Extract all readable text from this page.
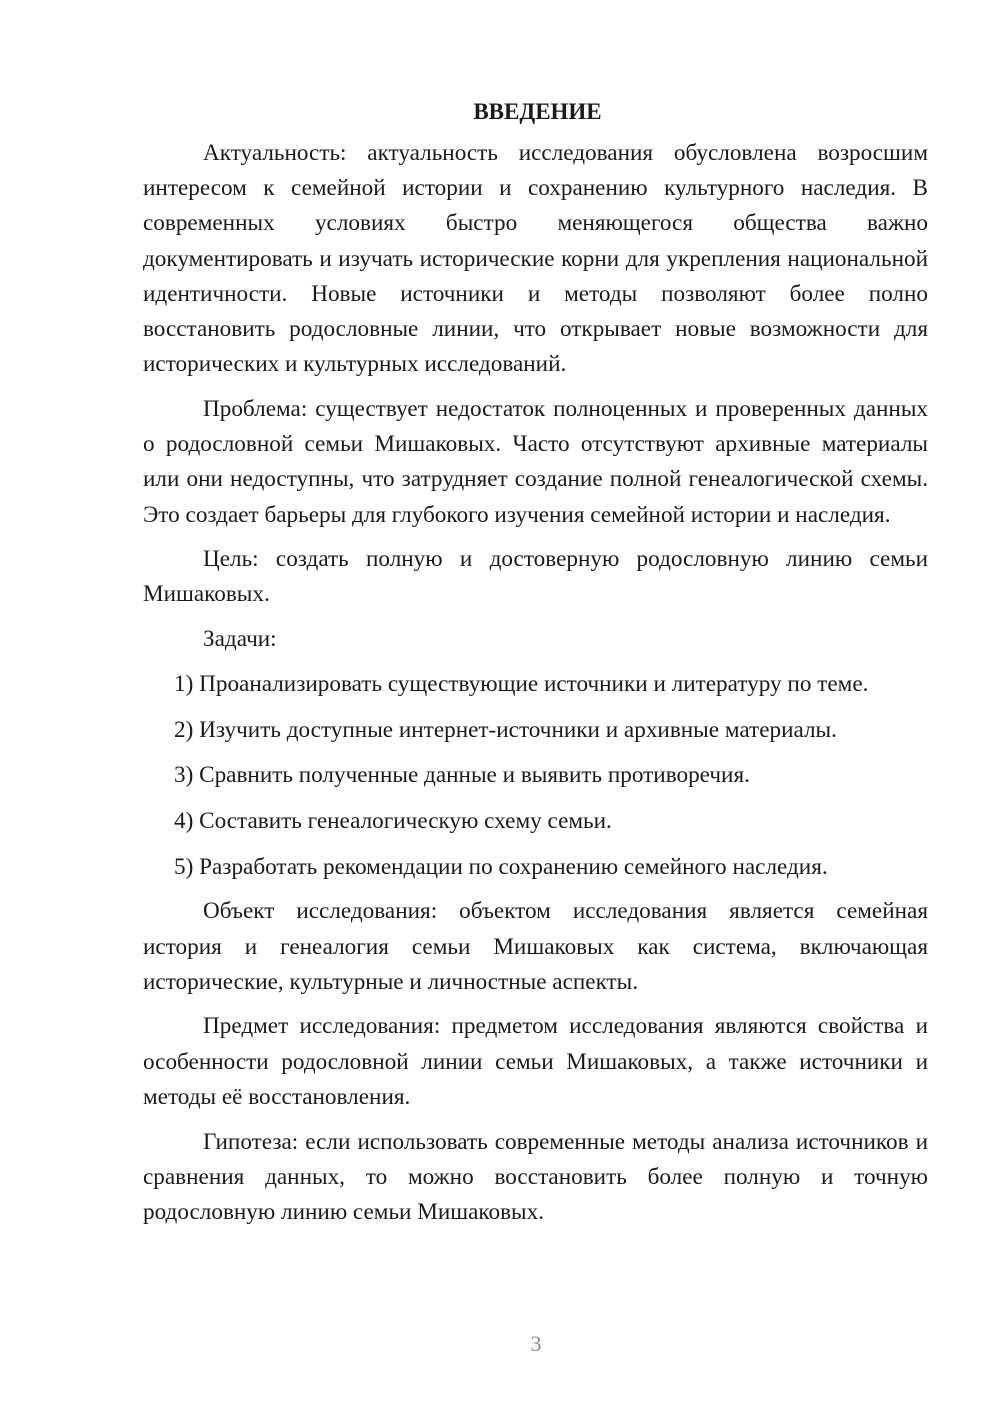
ВВЕДЕНИЕ

Актуальность: актуальность исследования обусловлена возросшим интересом к семейной истории и сохранению культурного наследия. В современных условиях быстро меняющегося общества важно документировать и изучать исторические корни для укрепления национальной идентичности. Новые источники и методы позволяют более полно восстановить родословные линии, что открывает новые возможности для исторических и культурных исследований.

Проблема: существует недостаток полноценных и проверенных данных о родословной семьи Мишаковых. Часто отсутствуют архивные материалы или они недоступны, что затрудняет создание полной генеалогической схемы. Это создает барьеры для глубокого изучения семейной истории и наследия.

Цель: создать полную и достоверную родословную линию семьи Мишаковых.

Задачи:

1) Проанализировать существующие источники и литературу по теме.
2) Изучить доступные интернет-источники и архивные материалы.
3) Сравнить полученные данные и выявить противоречия.
4) Составить генеалогическую схему семьи.
5) Разработать рекомендации по сохранению семейного наследия.

Объект исследования: объектом исследования является семейная история и генеалогия семьи Мишаковых как система, включающая исторические, культурные и личностные аспекты.

Предмет исследования: предметом исследования являются свойства и особенности родословной линии семьи Мишаковых, а также источники и методы её восстановления.

Гипотеза: если использовать современные методы анализа источников и сравнения данных, то можно восстановить более полную и точную родословную линию семьи Мишаковых.

3
